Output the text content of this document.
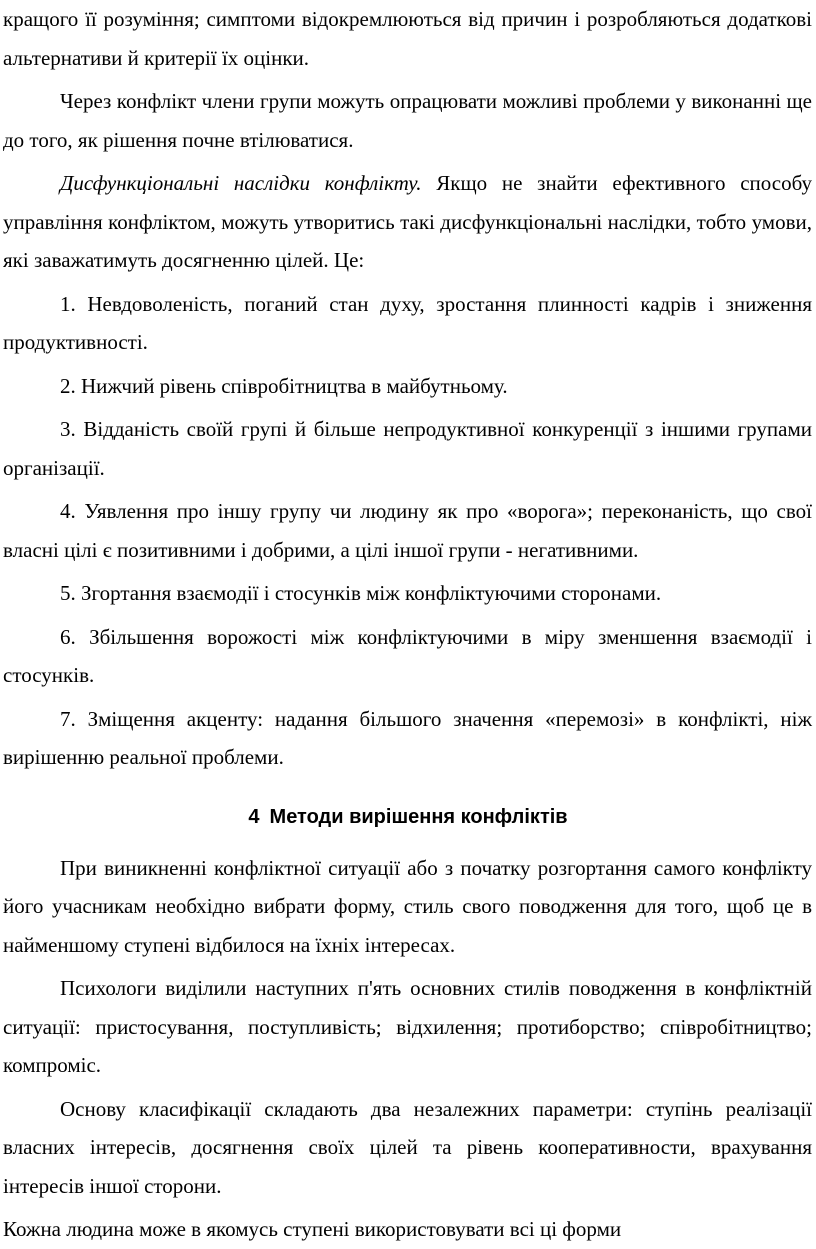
кращого її розуміння; симптоми відокремлюються від причин і розробляються додаткові альтернативи й критерії їх оцінки.

Через конфлікт члени групи можуть опрацювати можливі проблеми у виконанні ще до того, як рішення почне втілюватися.

Дисфункціональні наслідки конфлікту. Якщо не знайти ефективного способу управління конфліктом, можуть утворитись такі дисфункціональні наслідки, тобто умови, які заважатимуть досягненню цілей. Це:

1. Невдоволеність, поганий стан духу, зростання плинності кадрів і зниження продуктивності.

2. Нижчий рівень співробітництва в майбутньому.

3. Відданість своїй групі й більше непродуктивної конкуренції з іншими групами організації.

4. Уявлення про іншу групу чи людину як про «ворога»; переконаність, що свої власні цілі є позитивними і добрими, а цілі іншої групи - негативними.

5. Згортання взаємодії і стосунків між конфліктуючими сторонами.

6. Збільшення ворожості між конфліктуючими в міру зменшення взаємодії і стосунків.

7. Зміщення акценту: надання більшого значення «перемозі» в конфлікті, ніж вирішенню реальної проблеми.

4 Методи вирішення конфліктів

При виникненні конфліктної ситуації або з початку розгортання самого конфлікту його учасникам необхідно вибрати форму, стиль свого поводження для того, щоб це в найменшому ступені відбилося на їхніх інтересах.

Психологи виділили наступних п'ять основних стилів поводження в конфліктній ситуації: пристосування, поступливість; відхилення; протиборство; співробітництво; компроміс.

Основу класифікації складають два незалежних параметри: ступінь реалізації власних інтересів, досягнення своїх цілей та рівень кооперативности, врахування інтересів іншої сторони.

Кожна людина може в якомусь ступені використовувати всі ці форми
